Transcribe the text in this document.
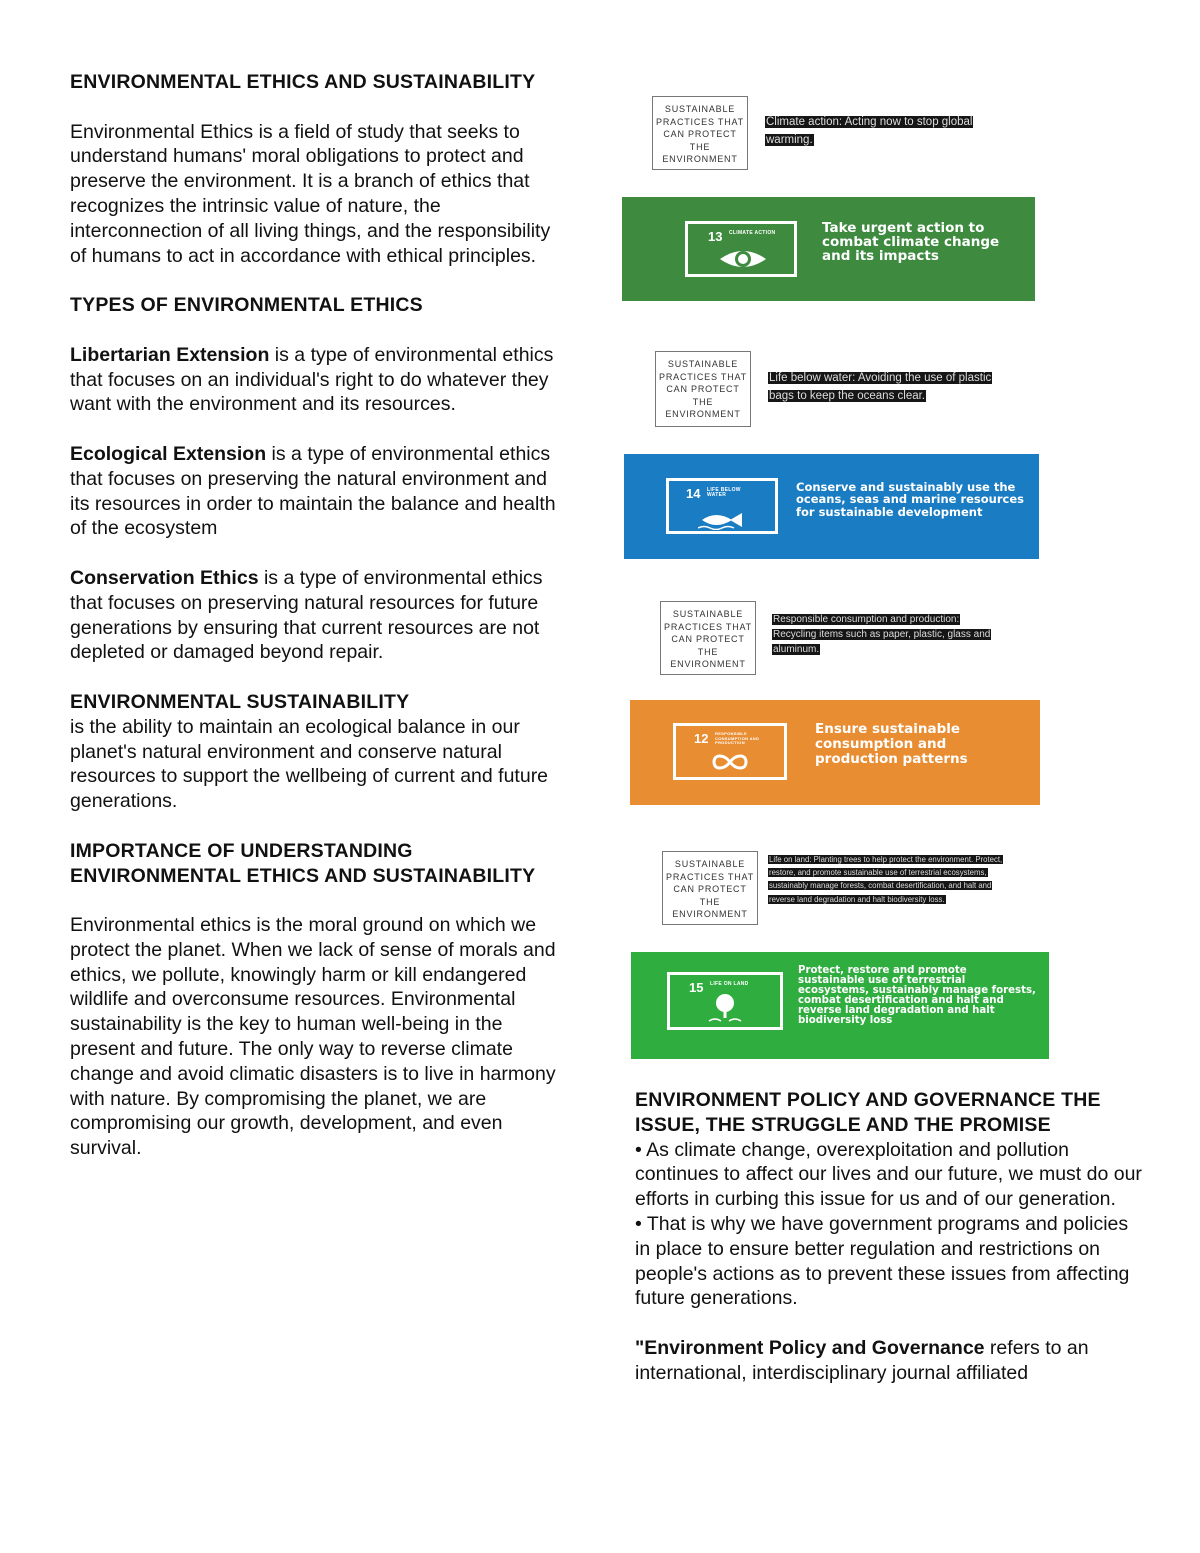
ENVIRONMENTAL ETHICS AND SUSTAINABILITY

Environmental Ethics is a field of study that seeks to understand humans' moral obligations to protect and preserve the environment. It is a branch of ethics that recognizes the intrinsic value of nature, the interconnection of all living things, and the responsibility of humans to act in accordance with ethical principles.

TYPES OF ENVIRONMENTAL ETHICS

Libertarian Extension is a type of environmental ethics that focuses on an individual's right to do whatever they want with the environment and its resources.

Ecological Extension is a type of environmental ethics that focuses on preserving the natural environment and its resources in order to maintain the balance and health of the ecosystem

Conservation Ethics is a type of environmental ethics that focuses on preserving natural resources for future generations by ensuring that current resources are not depleted or damaged beyond repair.

ENVIRONMENTAL SUSTAINABILITY

is the ability to maintain an ecological balance in our planet's natural environment and conserve natural resources to support the wellbeing of current and future generations.

IMPORTANCE OF UNDERSTANDING ENVIRONMENTAL ETHICS AND SUSTAINABILITY

Environmental ethics is the moral ground on which we protect the planet. When we lack of sense of morals and ethics, we pollute, knowingly harm or kill endangered wildlife and overconsume resources. Environmental sustainability is the key to human well-being in the present and future. The only way to reverse climate change and avoid climatic disasters is to live in harmony with nature. By compromising the planet, we are compromising our growth, development, and even survival.

SUSTAINABLE PRACTICES THAT CAN PROTECT THE ENVIRONMENT
Climate action: Acting now to stop global warming.
13 CLIMATE ACTION	Take urgent action to combat climate change and its impacts
SUSTAINABLE PRACTICES THAT CAN PROTECT THE ENVIRONMENT
Life below water: Avoiding the use of plastic bags to keep the oceans clear.
14 LIFE BELOW WATER
Conserve and sustainably use the oceans, seas and marine resources for sustainable development
SUSTAINABLE PRACTICES THAT CAN PROTECT THE ENVIRONMENT
Responsible consumption and production: Recycling items such as paper, plastic, glass and aluminum.
12 RESPONSIBLE CONSUMPTION AND PRODUCTION
Ensure sustainable consumption and production patterns
SUSTAINABLE PRACTICES THAT CAN PROTECT THE ENVIRONMENT
Life on land: Planting trees to help protect the environment. Protect, restore, and promote sustainable use of terrestrial ecosystems, sustainably manage forests, combat desertification, and halt and reverse land degradation and halt biodiversity loss.
15 LIFE ON LAND
Protect, restore and promote sustainable use of terrestrial ecosystems, sustainably manage forests, combat desertification and halt and reverse land degradation and halt biodiversity loss

ENVIRONMENT POLICY AND GOVERNANCE THE ISSUE, THE STRUGGLE AND THE PROMISE

• As climate change, overexploitation and pollution continues to affect our lives and our future, we must do our efforts in curbing this issue for us and of our generation.

• That is why we have government programs and policies in place to ensure better regulation and restrictions on people's actions as to prevent these issues from affecting future generations.

"Environment Policy and Governance refers to an international, interdisciplinary journal affiliated
